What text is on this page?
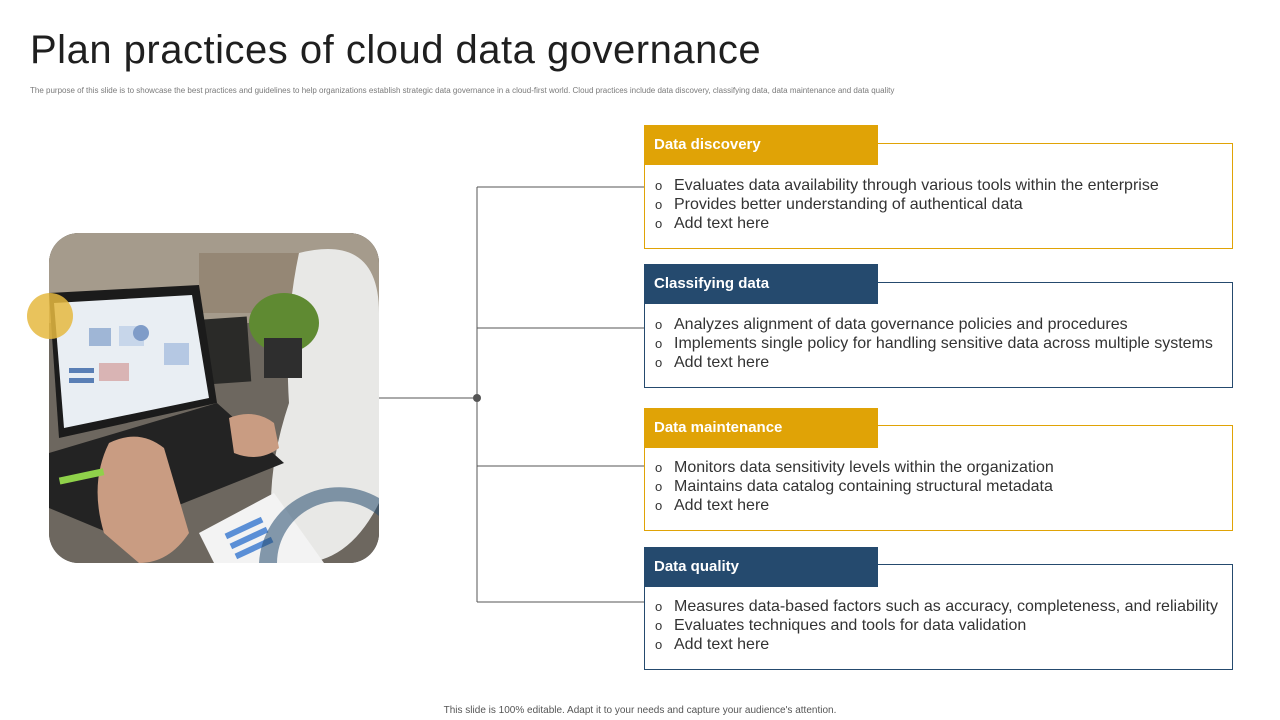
Plan practices of cloud data governance

The purpose of this slide is to showcase the best practices and guidelines to help organizations establish strategic data governance in a cloud-first world. Cloud practices include data discovery, classifying data, data maintenance and data quality

o Evaluates data availability through various tools within the enterprise
o Provides better understanding of authentical data
o Add text here
Data discovery
o Analyzes alignment of data governance policies and procedures
o Implements single policy for handling sensitive data across multiple systems
o Add text here
Classifying data
o Monitors data sensitivity levels within the organization
o Maintains data catalog containing structural metadata
o Add text here
Data maintenance
o Measures data-based factors such as accuracy, completeness, and reliability
o Evaluates techniques and tools for data validation
o Add text here
Data quality
This slide is 100% editable. Adapt it to your needs and capture your audience's attention.
